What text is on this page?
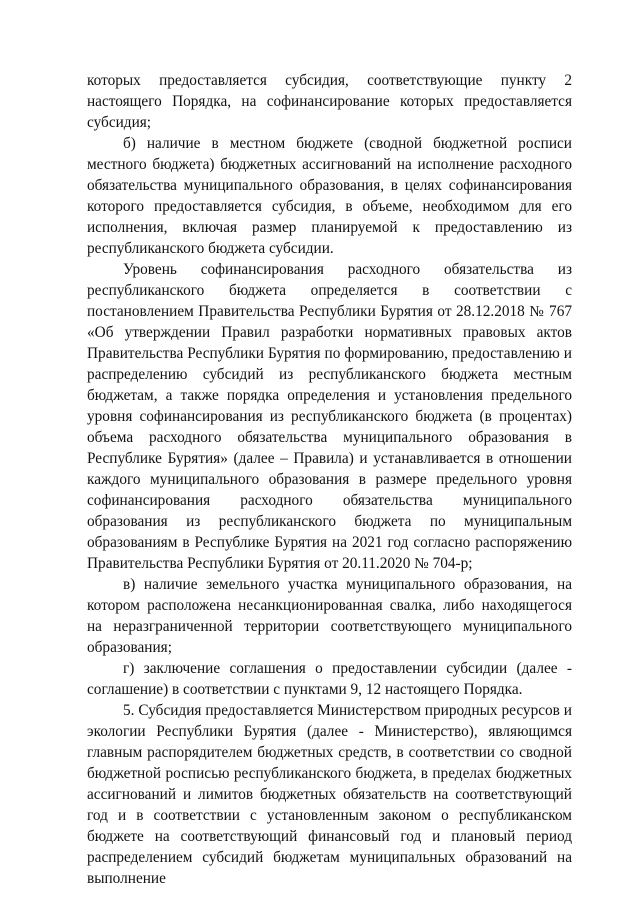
которых предоставляется субсидия, соответствующие пункту 2 настоящего Порядка, на софинансирование которых предоставляется субсидия;

б) наличие в местном бюджете (сводной бюджетной росписи местного бюджета) бюджетных ассигнований на исполнение расходного обязательства муниципального образования, в целях софинансирования которого предоставляется субсидия, в объеме, необходимом для его исполнения, включая размер планируемой к предоставлению из республиканского бюджета субсидии.

Уровень софинансирования расходного обязательства из республиканского бюджета определяется в соответствии с постановлением Правительства Республики Бурятия от 28.12.2018 № 767 «Об утверждении Правил разработки нормативных правовых актов Правительства Республики Бурятия по формированию, предоставлению и распределению субсидий из республиканского бюджета местным бюджетам, а также порядка определения и установления предельного уровня софинансирования из республиканского бюджета (в процентах) объема расходного обязательства муниципального образования в Республике Бурятия» (далее – Правила) и устанавливается в отношении каждого муниципального образования в размере предельного уровня софинансирования расходного обязательства муниципального образования из республиканского бюджета по муниципальным образованиям в Республике Бурятия на 2021 год согласно распоряжению Правительства Республики Бурятия от 20.11.2020 № 704-р;

в) наличие земельного участка муниципального образования, на котором расположена несанкционированная свалка, либо находящегося на неразграниченной территории соответствующего муниципального образования;

г) заключение соглашения о предоставлении субсидии (далее - соглашение) в соответствии с пунктами 9, 12 настоящего Порядка.

5. Субсидия предоставляется Министерством природных ресурсов и экологии Республики Бурятия (далее - Министерство), являющимся главным распорядителем бюджетных средств, в соответствии со сводной бюджетной росписью республиканского бюджета, в пределах бюджетных ассигнований и лимитов бюджетных обязательств на соответствующий год и в соответствии с установленным законом о республиканском бюджете на соответствующий финансовый год и плановый период распределением субсидий бюджетам муниципальных образований на выполнение
